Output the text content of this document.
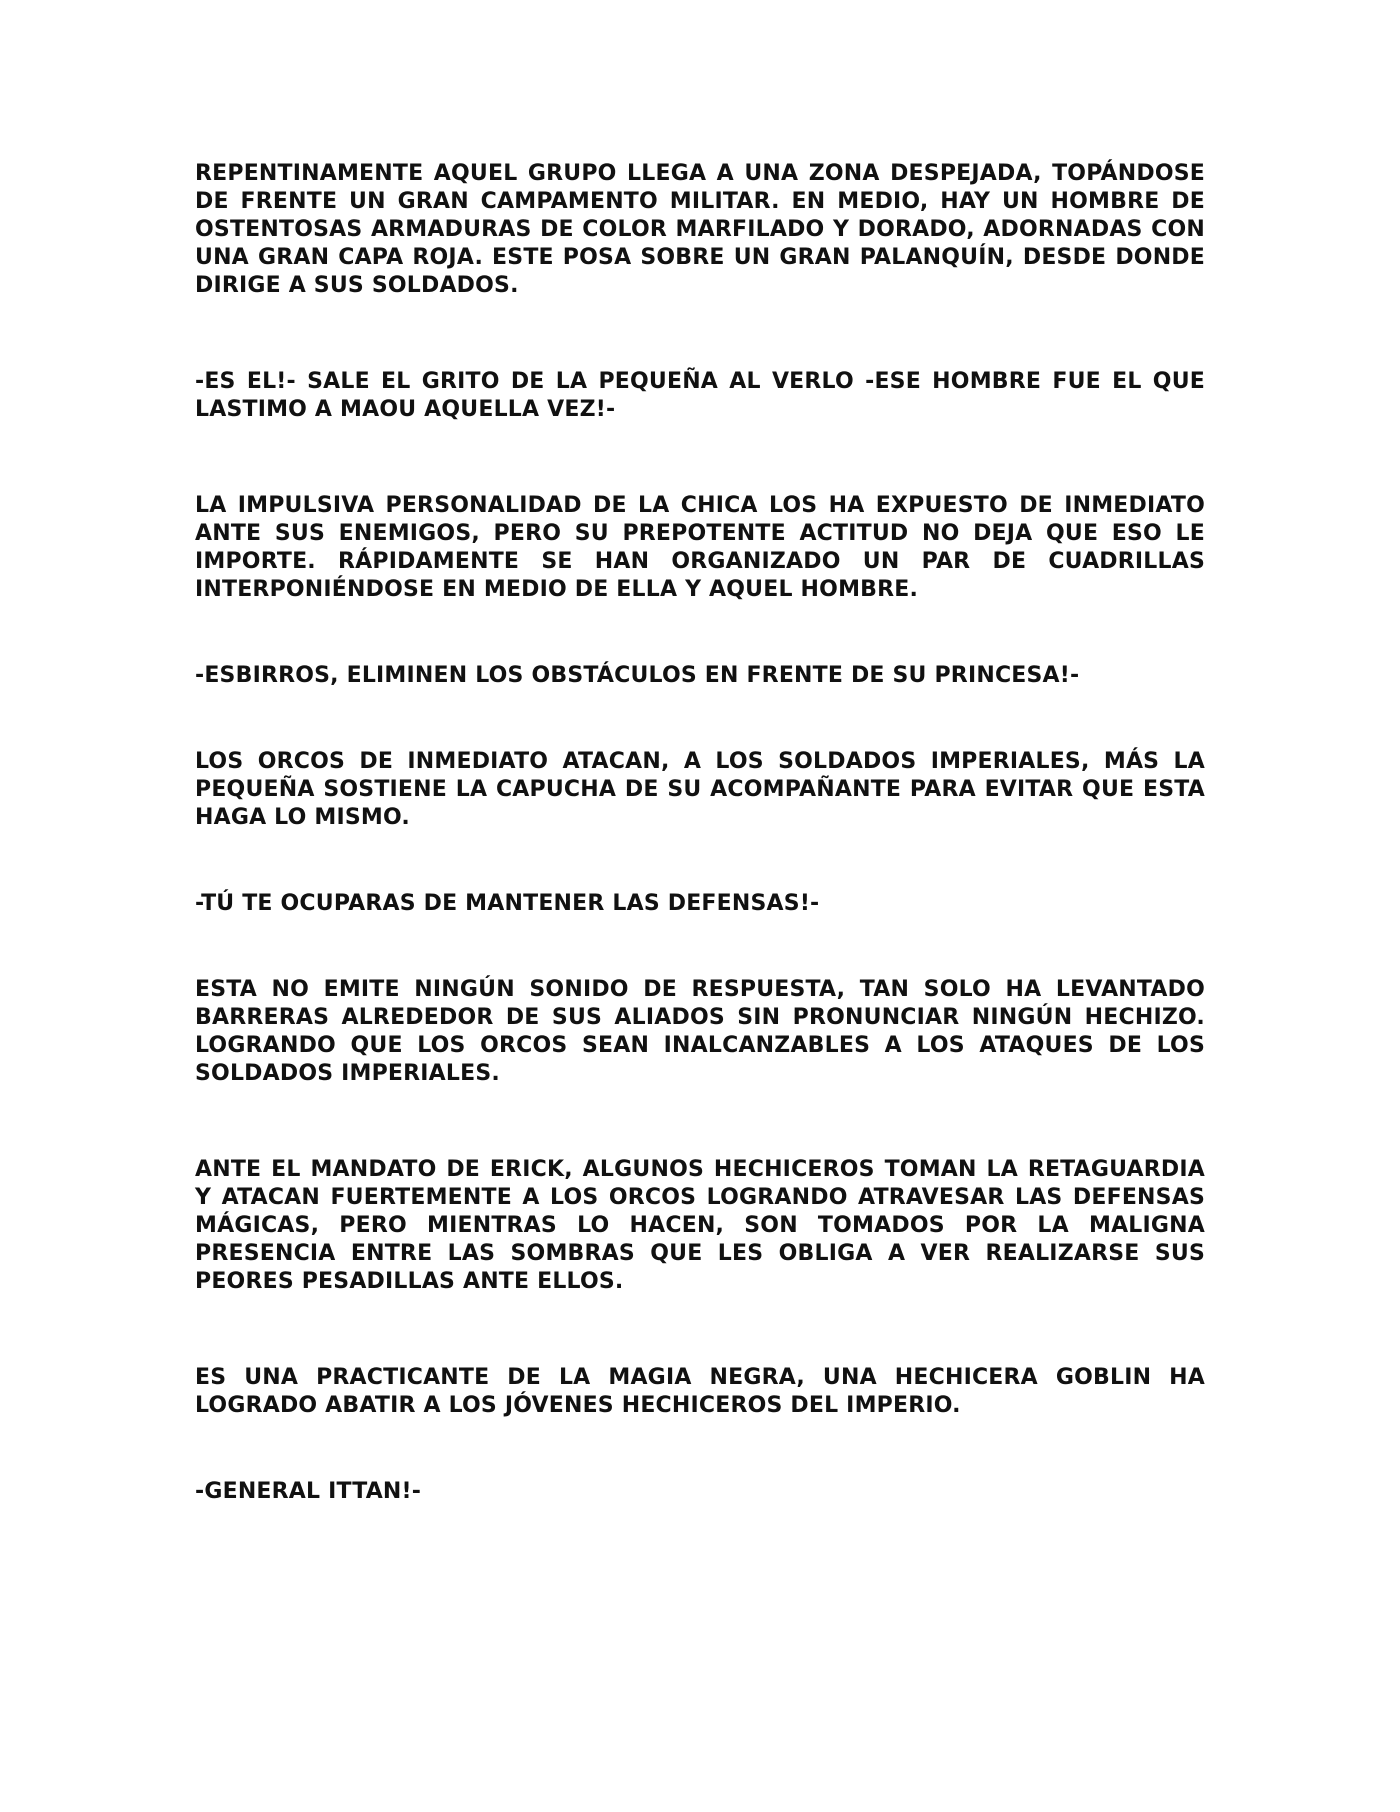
REPENTINAMENTE AQUEL GRUPO LLEGA A UNA ZONA DESPEJADA, TOPÁNDOSE DE FRENTE UN GRAN CAMPAMENTO MILITAR. EN MEDIO, HAY UN HOMBRE DE OSTENTOSAS ARMADURAS DE COLOR MARFILADO Y DORADO, ADORNADAS CON UNA GRAN CAPA ROJA. ESTE POSA SOBRE UN GRAN PALANQUÍN, DESDE DONDE DIRIGE A SUS SOLDADOS.

-ES EL!- SALE EL GRITO DE LA PEQUEÑA AL VERLO -ESE HOMBRE FUE EL QUE LASTIMO A MAOU AQUELLA VEZ!-

LA IMPULSIVA PERSONALIDAD DE LA CHICA LOS HA EXPUESTO DE INMEDIATO ANTE SUS ENEMIGOS, PERO SU PREPOTENTE ACTITUD NO DEJA QUE ESO LE IMPORTE. RÁPIDAMENTE SE HAN ORGANIZADO UN PAR DE CUADRILLAS INTERPONIÉNDOSE EN MEDIO DE ELLA Y AQUEL HOMBRE.

-ESBIRROS, ELIMINEN LOS OBSTÁCULOS EN FRENTE DE SU PRINCESA!-

LOS ORCOS DE INMEDIATO ATACAN, A LOS SOLDADOS IMPERIALES, MÁS LA PEQUEÑA SOSTIENE LA CAPUCHA DE SU ACOMPAÑANTE PARA EVITAR QUE ESTA HAGA LO MISMO.

-TÚ TE OCUPARAS DE MANTENER LAS DEFENSAS!-

ESTA NO EMITE NINGÚN SONIDO DE RESPUESTA, TAN SOLO HA LEVANTADO BARRERAS ALREDEDOR DE SUS ALIADOS SIN PRONUNCIAR NINGÚN HECHIZO. LOGRANDO QUE LOS ORCOS SEAN INALCANZABLES A LOS ATAQUES DE LOS SOLDADOS IMPERIALES.

ANTE EL MANDATO DE ERICK, ALGUNOS HECHICEROS TOMAN LA RETAGUARDIA Y ATACAN FUERTEMENTE A LOS ORCOS LOGRANDO ATRAVESAR LAS DEFENSAS MÁGICAS, PERO MIENTRAS LO HACEN, SON TOMADOS POR LA MALIGNA PRESENCIA ENTRE LAS SOMBRAS QUE LES OBLIGA A VER REALIZARSE SUS PEORES PESADILLAS ANTE ELLOS.

ES UNA PRACTICANTE DE LA MAGIA NEGRA, UNA HECHICERA GOBLIN HA LOGRADO ABATIR A LOS JÓVENES HECHICEROS DEL IMPERIO.

-GENERAL ITTAN!-
